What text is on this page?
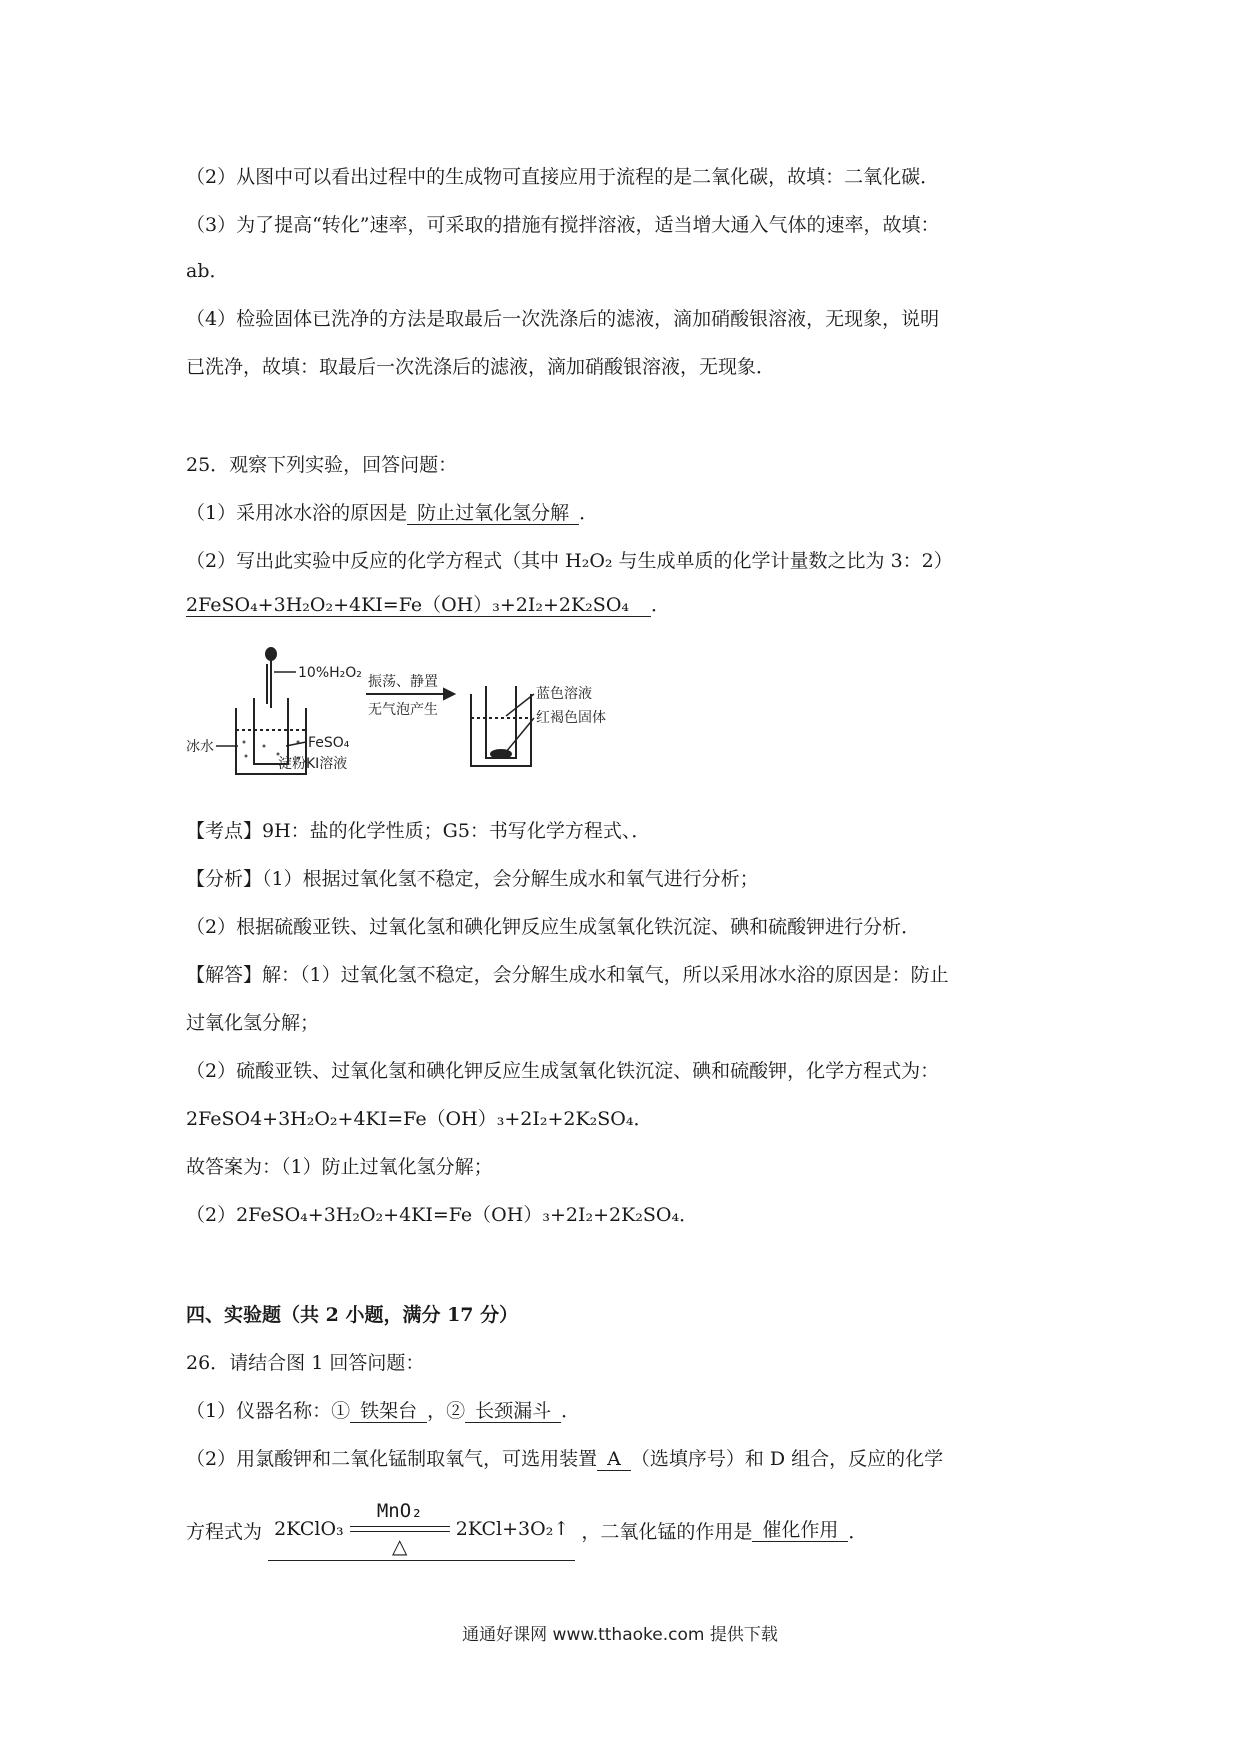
（2）从图中可以看出过程中的生成物可直接应用于流程的是二氧化碳，故填：二氧化碳．
（3）为了提高“转化”速率，可采取的措施有搅拌溶液，适当增大通入气体的速率，故填：
ab．
（4）检验固体已洗净的方法是取最后一次洗涤后的滤液，滴加硝酸银溶液，无现象，说明
已洗净，故填：取最后一次洗涤后的滤液，滴加硝酸银溶液，无现象．
25．观察下列实验，回答问题：
（1）采用冰水浴的原因是 防止过氧化氢分解 ．
（2）写出此实验中反应的化学方程式（其中 H₂O₂ 与生成单质的化学计量数之比为 3：2）
2FeSO₄+3H₂O₂+4KI=Fe（OH）₃+2I₂+2K₂SO₄ ．
10%H₂O₂
冰水	FeSO₄
淀粉KI溶液
振荡、静置
无气泡产生
蓝色溶液
红褐色固体
【考点】9H：盐的化学性质；G5：书写化学方程式、．
【分析】（1）根据过氧化氢不稳定，会分解生成水和氧气进行分析；
（2）根据硫酸亚铁、过氧化氢和碘化钾反应生成氢氧化铁沉淀、碘和硫酸钾进行分析．
【解答】解：（1）过氧化氢不稳定，会分解生成水和氧气，所以采用冰水浴的原因是：防止
过氧化氢分解；
（2）硫酸亚铁、过氧化氢和碘化钾反应生成氢氧化铁沉淀、碘和硫酸钾，化学方程式为：
2FeSO4+3H₂O₂+4KI=Fe（OH）₃+2I₂+2K₂SO₄．
故答案为：（1）防止过氧化氢分解；
（2）2FeSO₄+3H₂O₂+4KI=Fe（OH）₃+2I₂+2K₂SO₄．
四、实验题（共 2 小题，满分 17 分）
26．请结合图 1 回答问题：
（1）仪器名称：① 铁架台 ，② 长颈漏斗 ．
（2）用氯酸钾和二氧化锰制取氧气，可选用装置 A （选填序号）和 D 组合，反应的化学
方程式为 2KClO₃
MnO₂
△
2KCl+3O₂↑ ，二氧化锰的作用是 催化作用 ．
通通好课网 www.tthaoke.com 提供下载
